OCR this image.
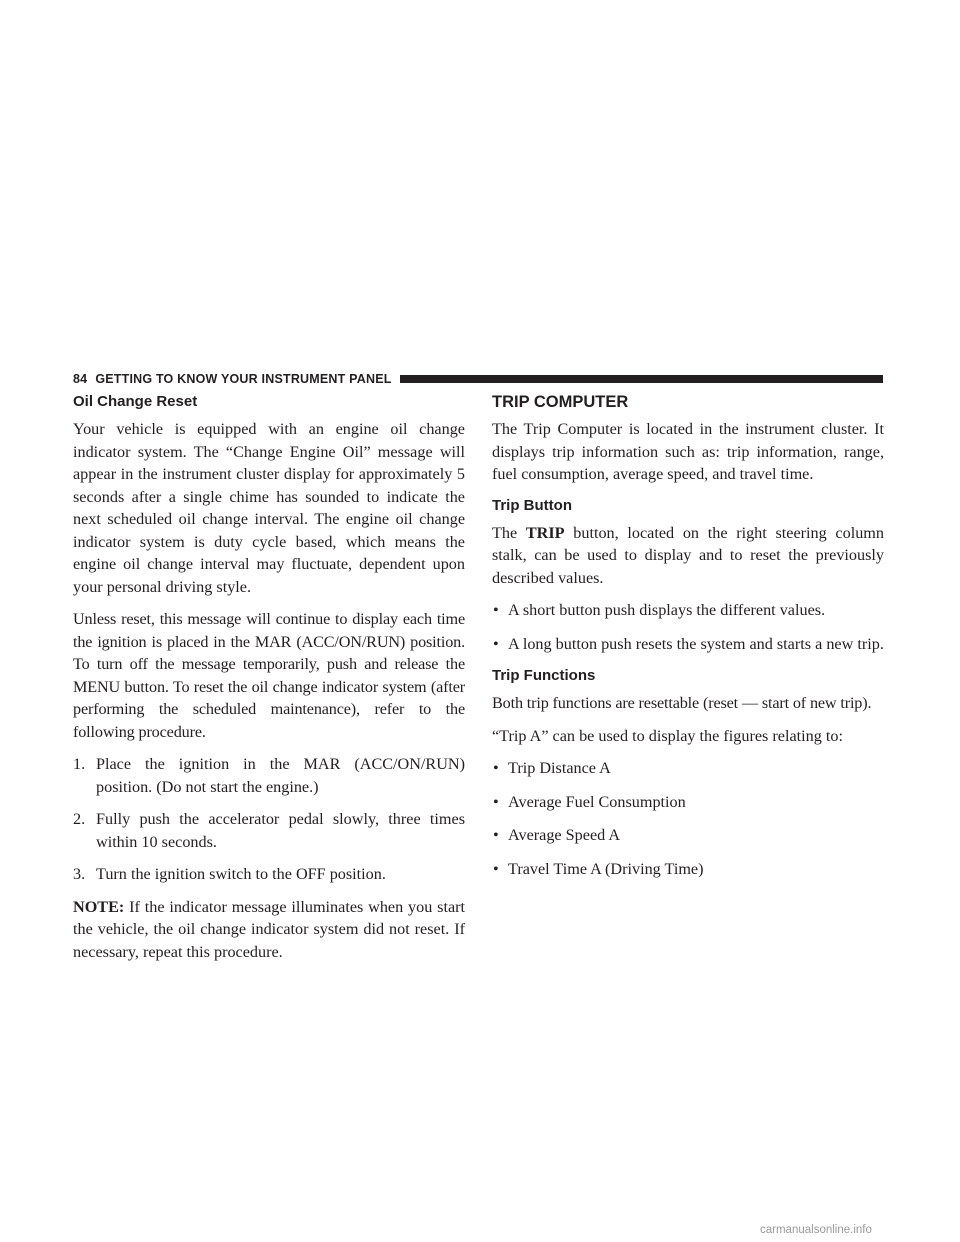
84 GETTING TO KNOW YOUR INSTRUMENT PANEL
Oil Change Reset

Your vehicle is equipped with an engine oil change indicator system. The “Change Engine Oil” message will appear in the instrument cluster display for approximately 5 seconds after a single chime has sounded to indicate the next scheduled oil change interval. The engine oil change indicator system is duty cycle based, which means the engine oil change interval may fluctuate, dependent upon your personal driving style.

Unless reset, this message will continue to display each time the ignition is placed in the MAR (ACC/ON/RUN) position. To turn off the message temporarily, push and release the MENU button. To reset the oil change indicator system (after performing the scheduled maintenance), refer to the following procedure.

1. Place the ignition in the MAR (ACC/ON/RUN) position. (Do not start the engine.)
2. Fully push the accelerator pedal slowly, three times within 10 seconds.
3. Turn the ignition switch to the OFF position.

NOTE: If the indicator message illuminates when you start the vehicle, the oil change indicator system did not reset. If necessary, repeat this procedure.

TRIP COMPUTER

The Trip Computer is located in the instrument cluster. It displays trip information such as: trip information, range, fuel consumption, average speed, and travel time.

Trip Button

The TRIP button, located on the right steering column stalk, can be used to display and to reset the previously described values.

• A short button push displays the different values.
• A long button push resets the system and starts a new trip.
Trip Functions

Both trip functions are resettable (reset — start of new trip).

“Trip A” can be used to display the figures relating to:

• Trip Distance A
• Average Fuel Consumption
• Average Speed A
• Travel Time A (Driving Time)
carmanualsonline.info
